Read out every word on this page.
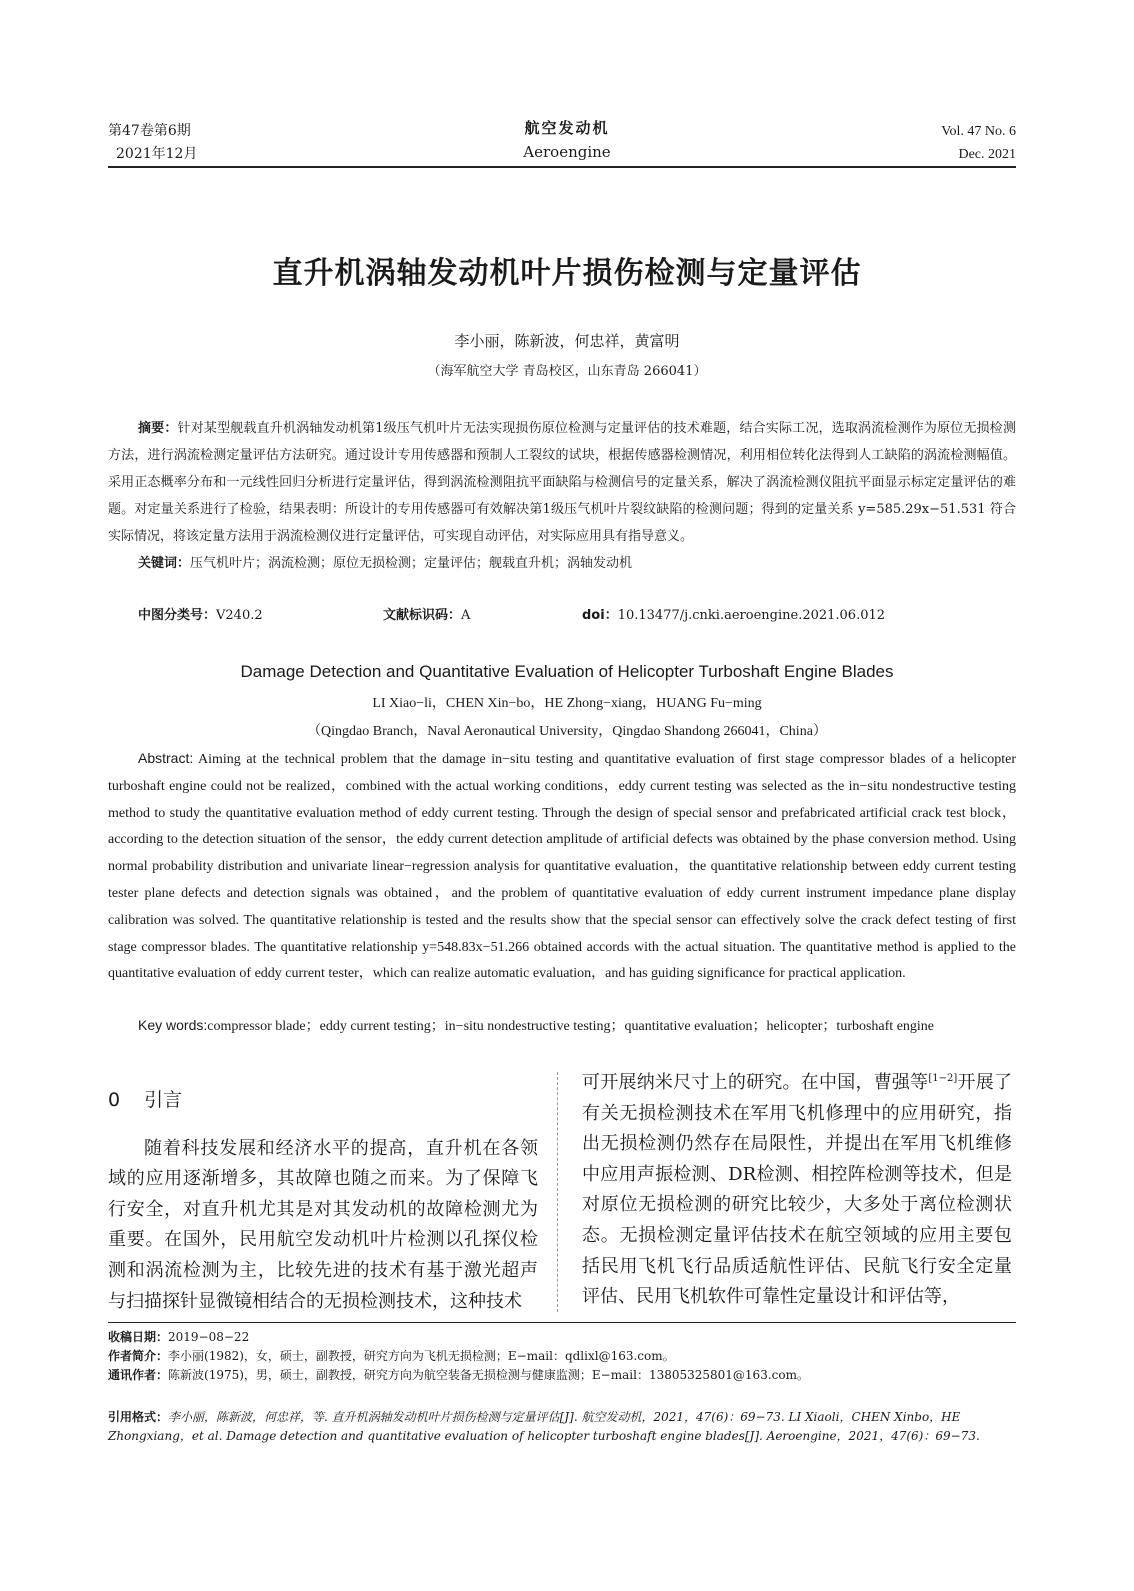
第47卷第6期
2021年12月
航空发动机
Aeroengine
Vol. 47 No. 6
Dec. 2021
直升机涡轴发动机叶片损伤检测与定量评估
李小丽，陈新波，何忠祥，黄富明
（海军航空大学 青岛校区，山东青岛 266041）
摘要：针对某型舰载直升机涡轴发动机第1级压气机叶片无法实现损伤原位检测与定量评估的技术难题，结合实际工况，选取涡流检测作为原位无损检测方法，进行涡流检测定量评估方法研究。通过设计专用传感器和预制人工裂纹的试块，根据传感器检测情况，利用相位转化法得到人工缺陷的涡流检测幅值。采用正态概率分布和一元线性回归分析进行定量评估，得到涡流检测阻抗平面缺陷与检测信号的定量关系，解决了涡流检测仪阻抗平面显示标定定量评估的难题。对定量关系进行了检验，结果表明：所设计的专用传感器可有效解决第1级压气机叶片裂纹缺陷的检测问题；得到的定量关系 y=585.29x−51.531 符合实际情况，将该定量方法用于涡流检测仪进行定量评估，可实现自动评估，对实际应用具有指导意义。
关键词：压气机叶片；涡流检测；原位无损检测；定量评估；舰载直升机；涡轴发动机
中图分类号：V240.2	文献标识码：A	doi：10.13477/j.cnki.aeroengine.2021.06.012
Damage Detection and Quantitative Evaluation of Helicopter Turboshaft Engine Blades
LI Xiao−li，CHEN Xin−bo，HE Zhong−xiang，HUANG Fu−ming
（Qingdao Branch，Naval Aeronautical University，Qingdao Shandong 266041，China）
Abstract: Aiming at the technical problem that the damage in−situ testing and quantitative evaluation of first stage compressor blades of a helicopter turboshaft engine could not be realized，combined with the actual working conditions，eddy current testing was selected as the in−situ nondestructive testing method to study the quantitative evaluation method of eddy current testing. Through the design of special sensor and prefabricated artificial crack test block，according to the detection situation of the sensor，the eddy current detection amplitude of artificial defects was obtained by the phase conversion method. Using normal probability distribution and univariate linear−regression analysis for quantitative evaluation，the quantitative relationship between eddy current testing tester plane defects and detection signals was obtained，and the problem of quantitative evaluation of eddy current instrument impedance plane display calibration was solved. The quantitative relationship is tested and the results show that the special sensor can effectively solve the crack defect testing of first stage compressor blades. The quantitative relationship y=548.83x−51.266 obtained accords with the actual situation. The quantitative method is applied to the quantitative evaluation of eddy current tester，which can realize automatic evaluation，and has guiding significance for practical application.
Key words:compressor blade；eddy current testing；in−situ nondestructive testing；quantitative evaluation；helicopter；turboshaft engine
0 引言

随着科技发展和经济水平的提高，直升机在各领域的应用逐渐增多，其故障也随之而来。为了保障飞行安全，对直升机尤其是对其发动机的故障检测尤为重要。在国外，民用航空发动机叶片检测以孔探仪检测和涡流检测为主，比较先进的技术有基于激光超声与扫描探针显微镜相结合的无损检测技术，这种技术

可开展纳米尺寸上的研究。在中国，曹强等[1−2]开展了有关无损检测技术在军用飞机修理中的应用研究，指出无损检测仍然存在局限性，并提出在军用飞机维修中应用声振检测、DR检测、相控阵检测等技术，但是对原位无损检测的研究比较少，大多处于离位检测状态。无损检测定量评估技术在航空领域的应用主要包括民用飞机飞行品质适航性评估、民航飞行安全定量评估、民用飞机软件可靠性定量设计和评估等，

收稿日期：2019−08−22
作者简介：李小丽(1982)，女，硕士，副教授，研究方向为飞机无损检测；E−mail：qdlixl@163.com。
通讯作者：陈新波(1975)，男，硕士，副教授，研究方向为航空装备无损检测与健康监测；E−mail：13805325801@163.com。
引用格式：李小丽，陈新波，何忠祥，等. 直升机涡轴发动机叶片损伤检测与定量评估[J]. 航空发动机，2021，47(6)：69−73. LI Xiaoli，CHEN Xinbo，HE Zhongxiang，et al. Damage detection and quantitative evaluation of helicopter turboshaft engine blades[J]. Aeroengine，2021，47(6)：69−73.
